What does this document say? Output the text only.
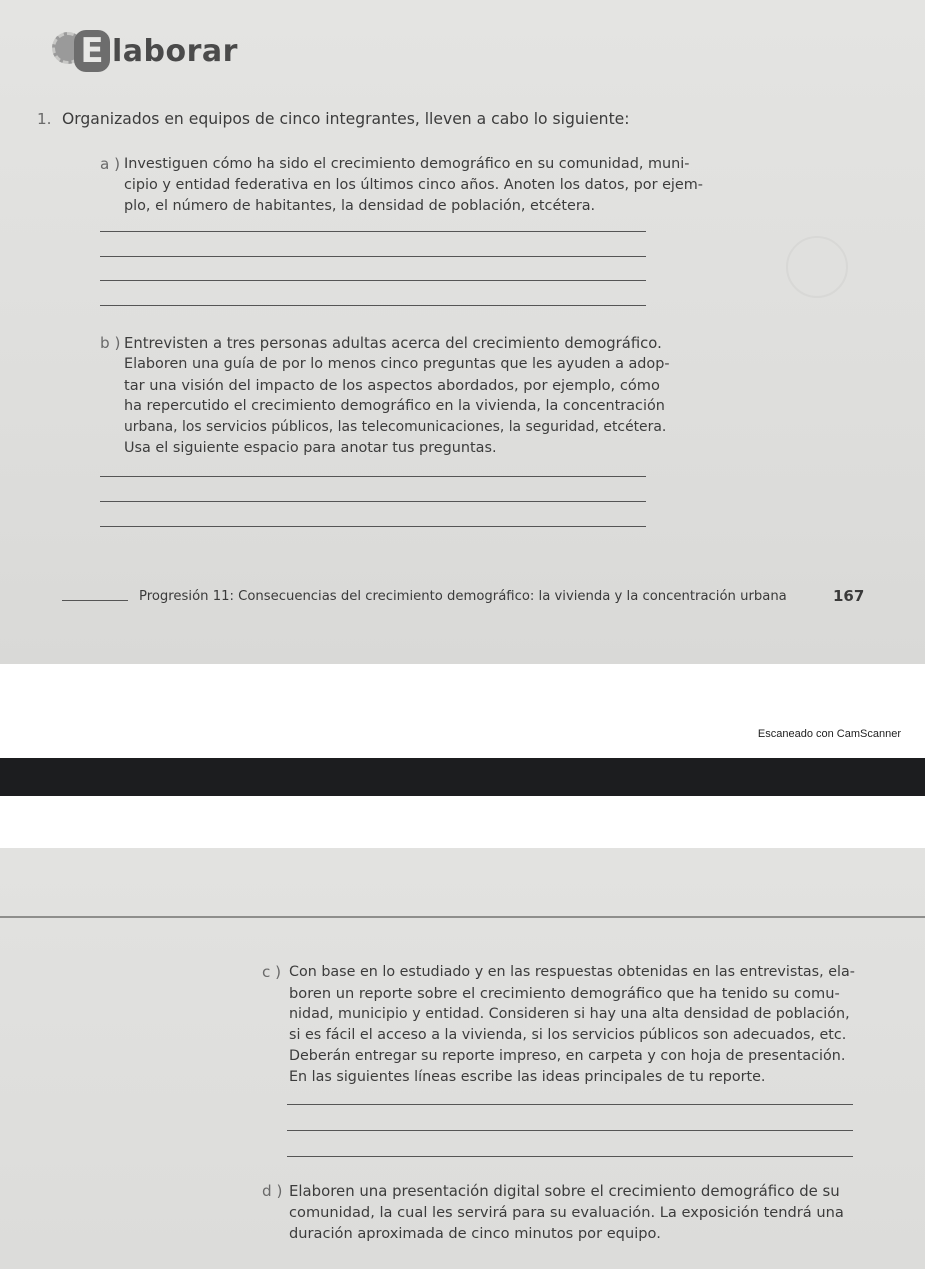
E laborar
1. Organizados en equipos de cinco integrantes, lleven a cabo lo siguiente:
a ) Investiguen cómo ha sido el crecimiento demográfico en su comunidad, muni-
cipio y entidad federativa en los últimos cinco años. Anoten los datos, por ejem-
plo, el número de habitantes, la densidad de población, etcétera.
b ) Entrevisten a tres personas adultas acerca del crecimiento demográfico.
Elaboren una guía de por lo menos cinco preguntas que les ayuden a adop-
tar una visión del impacto de los aspectos abordados, por ejemplo, cómo
ha repercutido el crecimiento demográfico en la vivienda, la concentración
urbana, los servicios públicos, las telecomunicaciones, la seguridad, etcétera.
Usa el siguiente espacio para anotar tus preguntas.
Progresión 11: Consecuencias del crecimiento demográfico: la vivienda y la concentración urbana	167
Escaneado con CamScanner
c ) Con base en lo estudiado y en las respuestas obtenidas en las entrevistas, ela-
boren un reporte sobre el crecimiento demográfico que ha tenido su comu-
nidad, municipio y entidad. Consideren si hay una alta densidad de población,
si es fácil el acceso a la vivienda, si los servicios públicos son adecuados, etc.
Deberán entregar su reporte impreso, en carpeta y con hoja de presentación.
En las siguientes líneas escribe las ideas principales de tu reporte.
d ) Elaboren una presentación digital sobre el crecimiento demográfico de su
comunidad, la cual les servirá para su evaluación. La exposición tendrá una
duración aproximada de cinco minutos por equipo.
